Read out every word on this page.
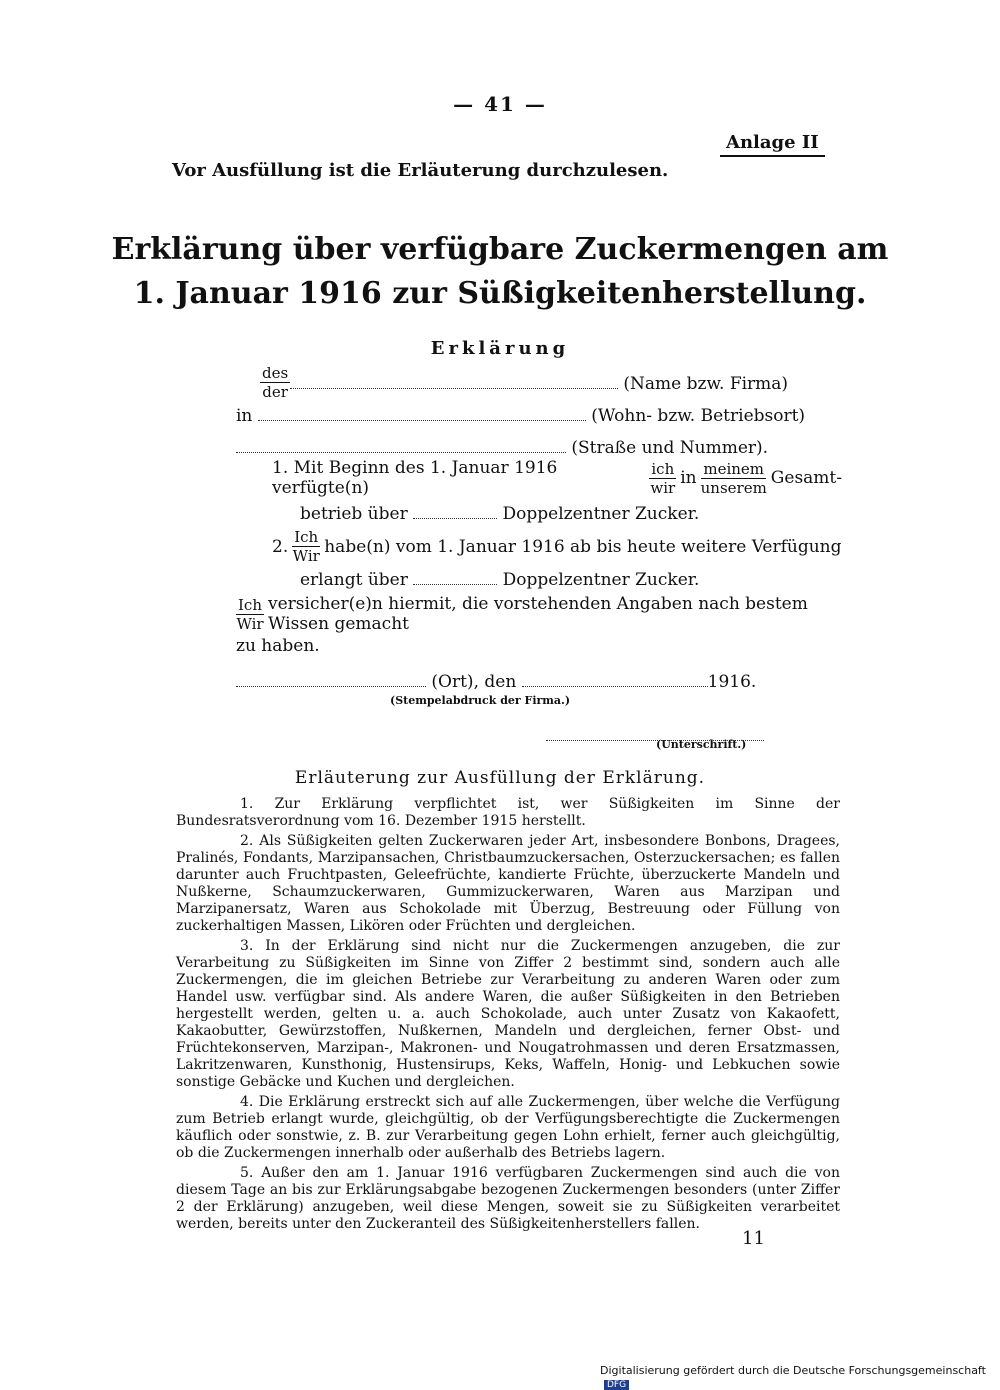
— 41 —
Anlage II
Vor Ausfüllung ist die Erläuterung durchzulesen.
Erklärung über verfügbare Zuckermengen am
1. Januar 1916 zur Süßigkeitenherstellung.
Erklärung
$\frac{\text{des}}{\text{der}}$	(Name bzw. Firma)
in	(Wohn- bzw. Betriebsort)
(Straße und Nummer).
1. Mit Beginn des 1. Januar 1916 verfügte(n)	$\frac{\text{ich}}{\text{wir}}$ in $\frac{\text{meinem}}{\text{unserem}}$ Gesamt-
betrieb über	Doppelzentner Zucker.
2. $\frac{\text{Ich}}{\text{Wir}}$ habe(n) vom 1. Januar 1916 ab bis heute weitere Verfügung
erlangt über	Doppelzentner Zucker.
$\frac{\text{Ich}}{\text{Wir}}$ versicher(e)n hiermit, die vorstehenden Angaben nach bestem Wissen gemacht
zu haben.
(Ort), den	1916.
(Stempelabdruck der Firma.)
(Unterschrift.)
Erläuterung zur Ausfüllung der Erklärung.

1. Zur Erklärung verpflichtet ist, wer Süßigkeiten im Sinne der Bundesratsverordnung vom 16. Dezember 1915 herstellt.

2. Als Süßigkeiten gelten Zuckerwaren jeder Art, insbesondere Bonbons, Dragees, Pralinés, Fondants, Marzipansachen, Christbaumzuckersachen, Osterzuckersachen; es fallen darunter auch Fruchtpasten, Geleefrüchte, kandierte Früchte, überzuckerte Mandeln und Nußkerne, Schaumzuckerwaren, Gummizuckerwaren, Waren aus Marzipan und Marzipanersatz, Waren aus Schokolade mit Überzug, Bestreuung oder Füllung von zuckerhaltigen Massen, Likören oder Früchten und dergleichen.

3. In der Erklärung sind nicht nur die Zuckermengen anzugeben, die zur Verarbeitung zu Süßigkeiten im Sinne von Ziffer 2 bestimmt sind, sondern auch alle Zuckermengen, die im gleichen Betriebe zur Verarbeitung zu anderen Waren oder zum Handel usw. verfügbar sind. Als andere Waren, die außer Süßigkeiten in den Betrieben hergestellt werden, gelten u. a. auch Schokolade, auch unter Zusatz von Kakaofett, Kakaobutter, Gewürzstoffen, Nußkernen, Mandeln und dergleichen, ferner Obst- und Früchtekonserven, Marzipan-, Makronen- und Nougatrohmassen und deren Ersatzmassen, Lakritzenwaren, Kunsthonig, Hustensirups, Keks, Waffeln, Honig- und Lebkuchen sowie sonstige Gebäcke und Kuchen und dergleichen.

4. Die Erklärung erstreckt sich auf alle Zuckermengen, über welche die Verfügung zum Betrieb erlangt wurde, gleichgültig, ob der Verfügungsberechtigte die Zuckermengen käuflich oder sonstwie, z. B. zur Verarbeitung gegen Lohn erhielt, ferner auch gleichgültig, ob die Zuckermengen innerhalb oder außerhalb des Betriebs lagern.

5. Außer den am 1. Januar 1916 verfügbaren Zuckermengen sind auch die von diesem Tage an bis zur Erklärungsabgabe bezogenen Zuckermengen besonders (unter Ziffer 2 der Erklärung) anzugeben, weil diese Mengen, soweit sie zu Süßigkeiten verarbeitet werden, bereits unter den Zuckeranteil des Süßigkeitenherstellers fallen.

11
Digitalisierung gefördert durch die Deutsche ForschungsgemeinschaftDFG
